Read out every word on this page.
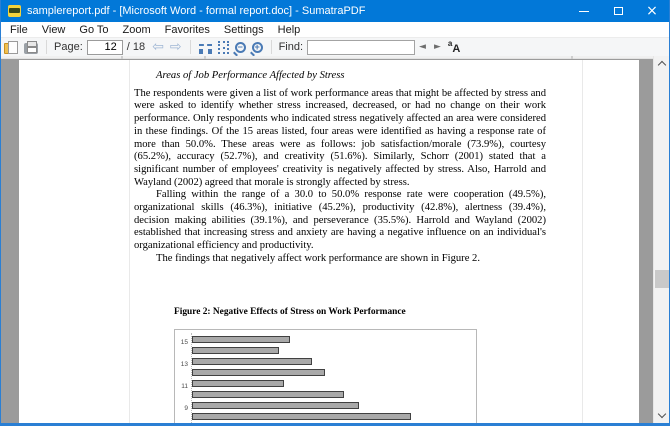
samplereport.pdf - [Microsoft Word - formal report.doc] - SumatraPDF	×
File	View	Go To	Zoom	Favorites	Settings	Help
Page:
12	/ 18 ⇦ ⇨	−	+ Find:	◄ ► $^a$A
Areas of Job Performance Affected by Stress

The respondents were given a list of work performance areas that might be affected by stress and were asked to identify whether stress increased, decreased, or had no change on their work performance. Only respondents who indicated stress negatively affected an area were considered in these findings. Of the 15 areas listed, four areas were identified as having a response rate of more than 50.0%. These areas were as follows: job satisfaction/morale (73.9%), courtesy (65.2%), accuracy (52.7%), and creativity (51.6%). Similarly, Schorr (2001) stated that a significant number of employees' creativity is negatively affected by stress. Also, Harrold and Wayland (2002) agreed that morale is strongly affected by stress.

Falling within the range of a 30.0 to 50.0% response rate were cooperation (49.5%), organizational skills (46.3%), initiative (45.2%), productivity (42.8%), alertness (39.4%), decision making abilities (39.1%), and perseverance (35.5%). Harrold and Wayland (2002) established that increasing stress and anxiety are having a negative influence on an individual's organizational efficiency and productivity.

The findings that negatively affect work performance are shown in Figure 2.

Figure 2: Negative Effects of Stress on Work Performance
15
13
11
9
